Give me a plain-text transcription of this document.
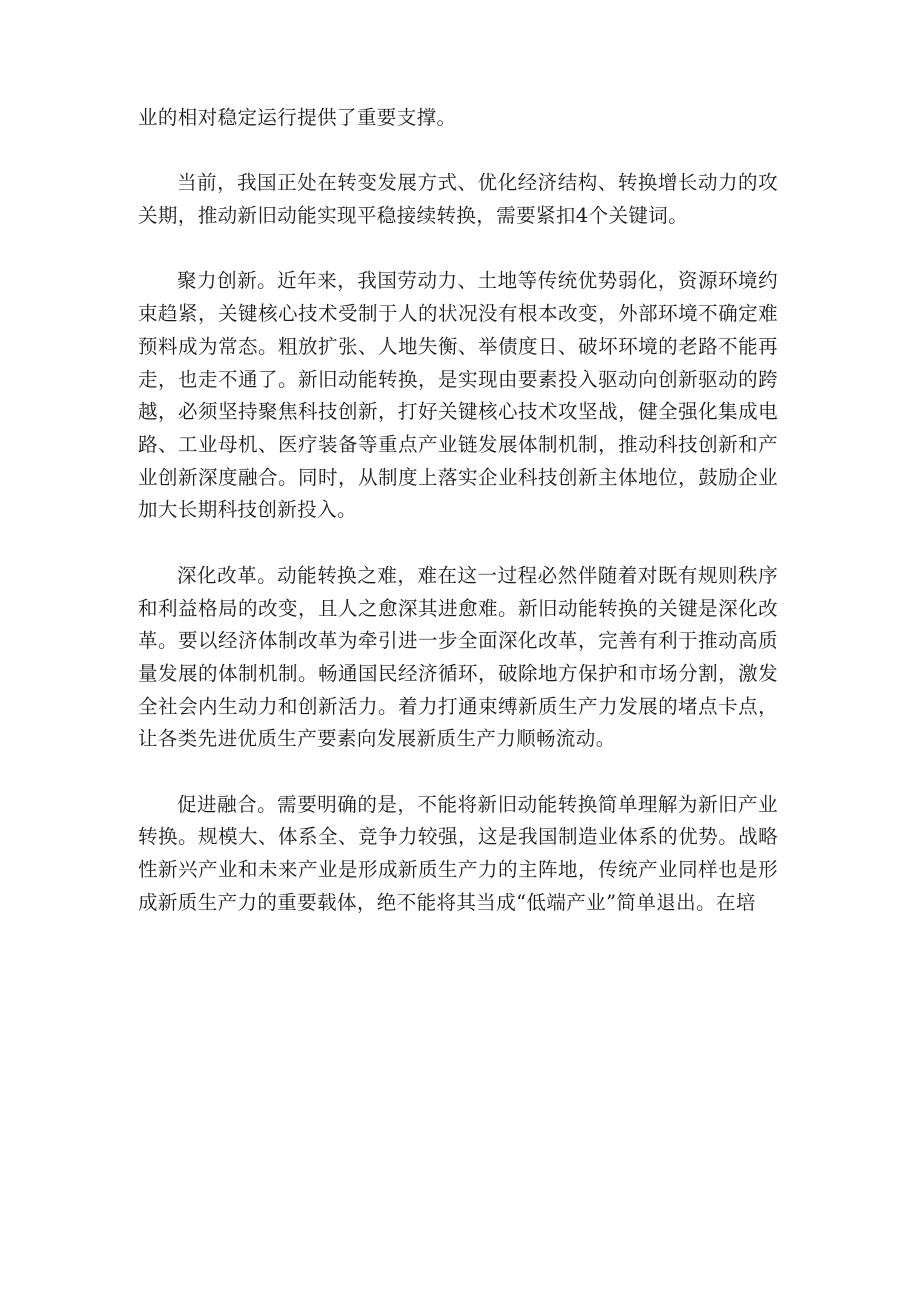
业的相对稳定运行提供了重要支撑。

当前，我国正处在转变发展方式、优化经济结构、转换增长动力的攻关期，推动新旧动能实现平稳接续转换，需要紧扣4个关键词。

聚力创新。近年来，我国劳动力、土地等传统优势弱化，资源环境约束趋紧，关键核心技术受制于人的状况没有根本改变，外部环境不确定难预料成为常态。粗放扩张、人地失衡、举债度日、破坏环境的老路不能再走，也走不通了。新旧动能转换，是实现由要素投入驱动向创新驱动的跨越，必须坚持聚焦科技创新，打好关键核心技术攻坚战，健全强化集成电路、工业母机、医疗装备等重点产业链发展体制机制，推动科技创新和产业创新深度融合。同时，从制度上落实企业科技创新主体地位，鼓励企业加大长期科技创新投入。

深化改革。动能转换之难，难在这一过程必然伴随着对既有规则秩序和利益格局的改变，且人之愈深其进愈难。新旧动能转换的关键是深化改革。要以经济体制改革为牵引进一步全面深化改革，完善有利于推动高质量发展的体制机制。畅通国民经济循环，破除地方保护和市场分割，激发全社会内生动力和创新活力。着力打通束缚新质生产力发展的堵点卡点，让各类先进优质生产要素向发展新质生产力顺畅流动。

促进融合。需要明确的是，不能将新旧动能转换简单理解为新旧产业转换。规模大、体系全、竞争力较强，这是我国制造业体系的优势。战略性新兴产业和未来产业是形成新质生产力的主阵地，传统产业同样也是形成新质生产力的重要载体，绝不能将其当成“低端产业”简单退出。在培
